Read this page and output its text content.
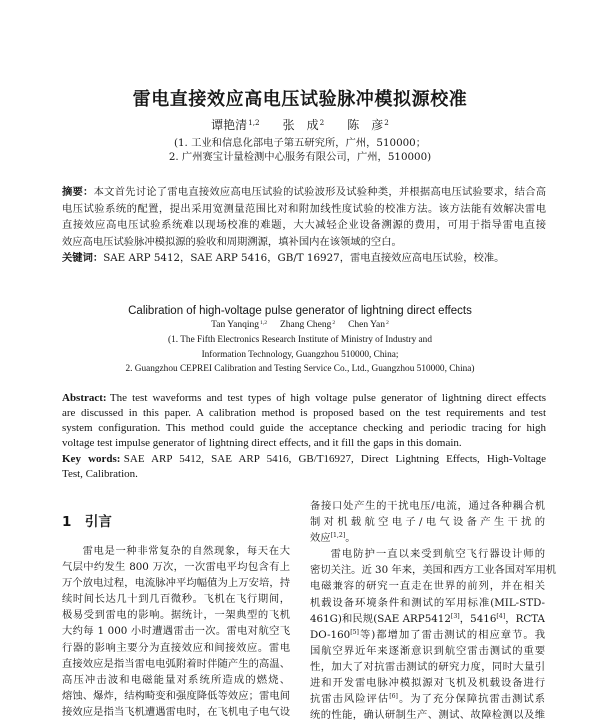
雷电直接效应高电压试验脉冲模拟源校准
谭艳清$^{1,2}$ 张　成$^2$ 陈　彦$^2$
(1. 工业和信息化部电子第五研究所，广州，510000；
2. 广州赛宝计量检测中心服务有限公司，广州，510000)
摘要：本文首先讨论了雷电直接效应高电压试验的试验波形及试验种类，并根据高电压试验要求，结合高
电压试验系统的配置，提出采用宽测量范围比对和附加线性度试验的校准方法。该方法能有效解决雷电
直接效应高电压试验系统难以现场校准的难题，大大减轻企业设备溯源的费用，可用于指导雷电直接
效应高电压试验脉冲模拟源的验收和周期溯源，填补国内在该领域的空白。
关键词：SAE ARP 5412，SAE ARP 5416，GB/T 16927，雷电直接效应高电压试验，校准。
Calibration of high-voltage pulse generator of lightning direct effects
Tan Yanqing$^{1,2}$ Zhang Cheng$^2$ Chen Yan$^2$
(1. The Fifth Electronics Research Institute of Ministry of Industry and
Information Technology, Guangzhou 510000, China;
2. Guangzhou CEPREI Calibration and Testing Service Co., Ltd., Guangzhou 510000, China)
Abstract: The test waveforms and test types of high voltage pulse generator of lightning direct effects
are discussed in this paper. A calibration method is proposed based on the test requirements and test
system configuration. This method could guide the acceptance checking and periodic tracing for high
voltage test impulse generator of lightning direct effects, and it fill the gaps in this domain.
Key words: SAE ARP 5412, SAE ARP 5416, GB/T16927, Direct Lightning Effects, High-Voltage
Test, Calibration.
1 引言
雷电是一种非常复杂的自然现象，每天在大
气层中约发生 800 万次，一次雷电平均包含有上
万个放电过程，电流脉冲平均幅值为上万安培，持
续时间长达几十到几百微秒。飞机在飞行期间，
极易受到雷电的影响。据统计，一架典型的飞机
大约每 1 000 小时遭遇雷击一次。雷电对航空飞
行器的影响主要分为直接效应和间接效应。雷电
直接效应是指当雷电电弧附着时伴随产生的高温、
高压冲击波和电磁能量对系统所造成的燃烧、
熔蚀、爆炸，结构畸变和强度降低等效应；雷电间
接效应是指当飞机遭遇雷电时，在飞机电子电气设
备接口处产生的干扰电压/电流，通过各种耦合机
制对机载航空电子/电气设备产生干扰的
效应[1,2]。
雷电防护一直以来受到航空飞行器设计师的
密切关注。近 30 年来，美国和西方工业各国对军用机
电磁兼容的研究一直走在世界的前列，并在相关
机载设备环境条件和测试的军用标准(MIL-STD-
461G)和民规(SAE ARP5412[3]，5416[4]，RCTA
DO-160[5]等)都增加了雷击测试的相应章节。我
国航空界近年来逐渐意识到航空雷击测试的重要
性，加大了对抗雷击测试的研究力度，同时大量引
进和开发雷电脉冲模拟源对飞机及机载设备进行
抗雷击风险评估[6]。为了充分保障抗雷击测试系
统的性能，确认研制生产、测试、故障检测以及维
